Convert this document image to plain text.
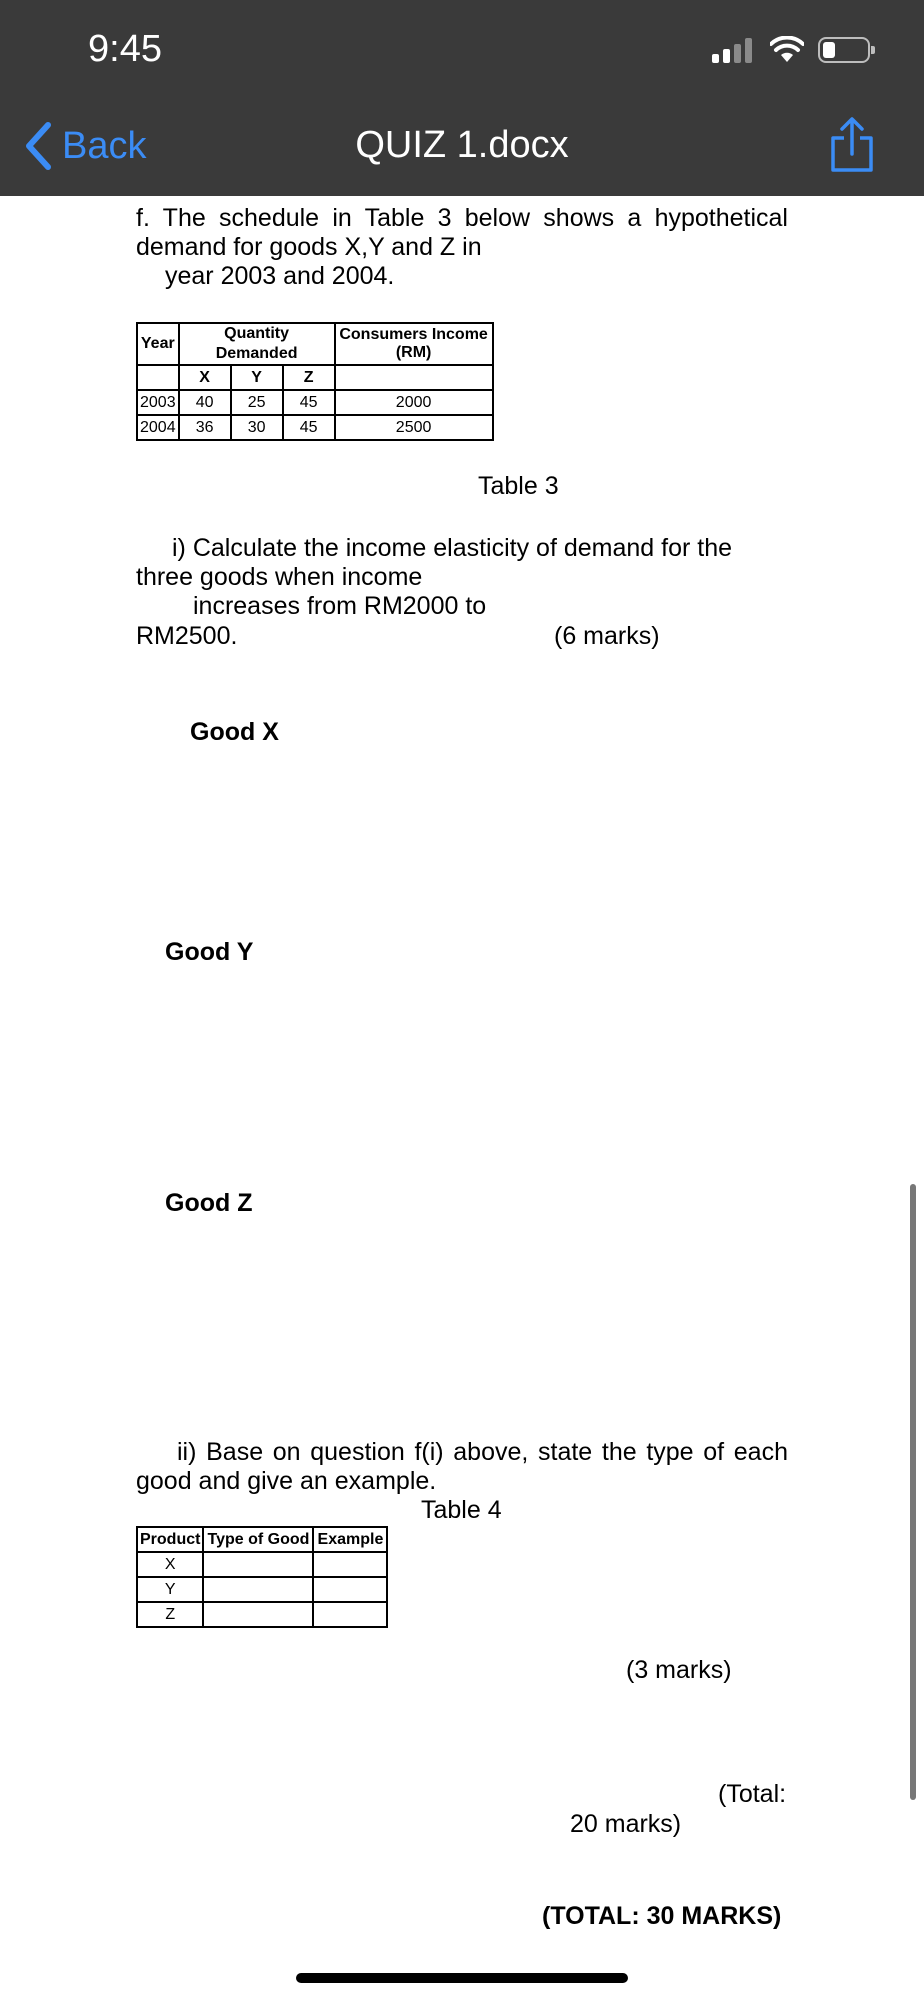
9:45
Back	QUIZ 1.docx
f. The schedule in Table 3 below shows a hypothetical
demand for goods X,Y and Z in
year 2003 and 2004.
Year	Quantity Demanded			Consumers Income (RM)
	X	Y	Z	
2003	40	25	45	2000
2004	36	30	45	2500
Table 3
i) Calculate the income elasticity of demand for the
three goods when income
increases from RM2000 to
RM2500.	(6 marks)
Good X
Good Y
Good Z
ii) Base on question f(i) above, state the type of each
good and give an example.
Table 4
Product	Type of Good	Example
X		
Y		
Z		
(3 marks)
(Total:
20 marks)
(TOTAL: 30 MARKS)
